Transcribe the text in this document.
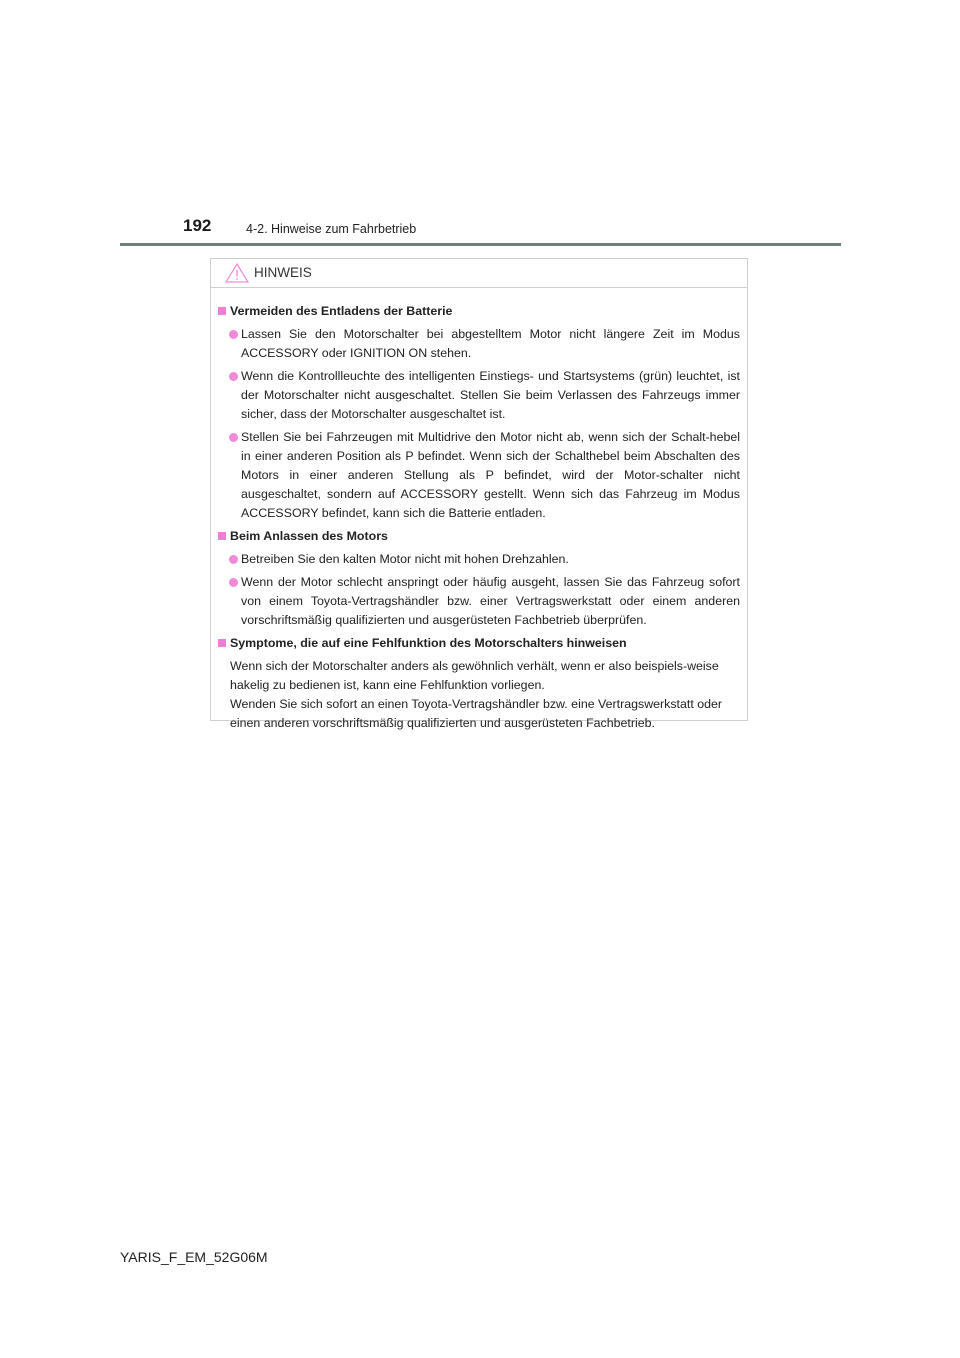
192	4-2. Hinweise zum Fahrbetrieb
HINWEIS
Vermeiden des Entladens der Batterie
Lassen Sie den Motorschalter bei abgestelltem Motor nicht längere Zeit im Modus ACCESSORY oder IGNITION ON stehen.
Wenn die Kontrollleuchte des intelligenten Einstiegs- und Startsystems (grün) leuchtet, ist der Motorschalter nicht ausgeschaltet. Stellen Sie beim Verlassen des Fahrzeugs immer sicher, dass der Motorschalter ausgeschaltet ist.
Stellen Sie bei Fahrzeugen mit Multidrive den Motor nicht ab, wenn sich der Schalt-hebel in einer anderen Position als P befindet. Wenn sich der Schalthebel beim Abschalten des Motors in einer anderen Stellung als P befindet, wird der Motor-schalter nicht ausgeschaltet, sondern auf ACCESSORY gestellt. Wenn sich das Fahrzeug im Modus ACCESSORY befindet, kann sich die Batterie entladen.
Beim Anlassen des Motors
Betreiben Sie den kalten Motor nicht mit hohen Drehzahlen.
Wenn der Motor schlecht anspringt oder häufig ausgeht, lassen Sie das Fahrzeug sofort von einem Toyota-Vertragshändler bzw. einer Vertragswerkstatt oder einem anderen vorschriftsmäßig qualifizierten und ausgerüsteten Fachbetrieb überprüfen.
Symptome, die auf eine Fehlfunktion des Motorschalters hinweisen
Wenn sich der Motorschalter anders als gewöhnlich verhält, wenn er also beispiels-weise hakelig zu bedienen ist, kann eine Fehlfunktion vorliegen.
Wenden Sie sich sofort an einen Toyota-Vertragshändler bzw. eine Vertragswerkstatt oder einen anderen vorschriftsmäßig qualifizierten und ausgerüsteten Fachbetrieb.
YARIS_F_EM_52G06M
